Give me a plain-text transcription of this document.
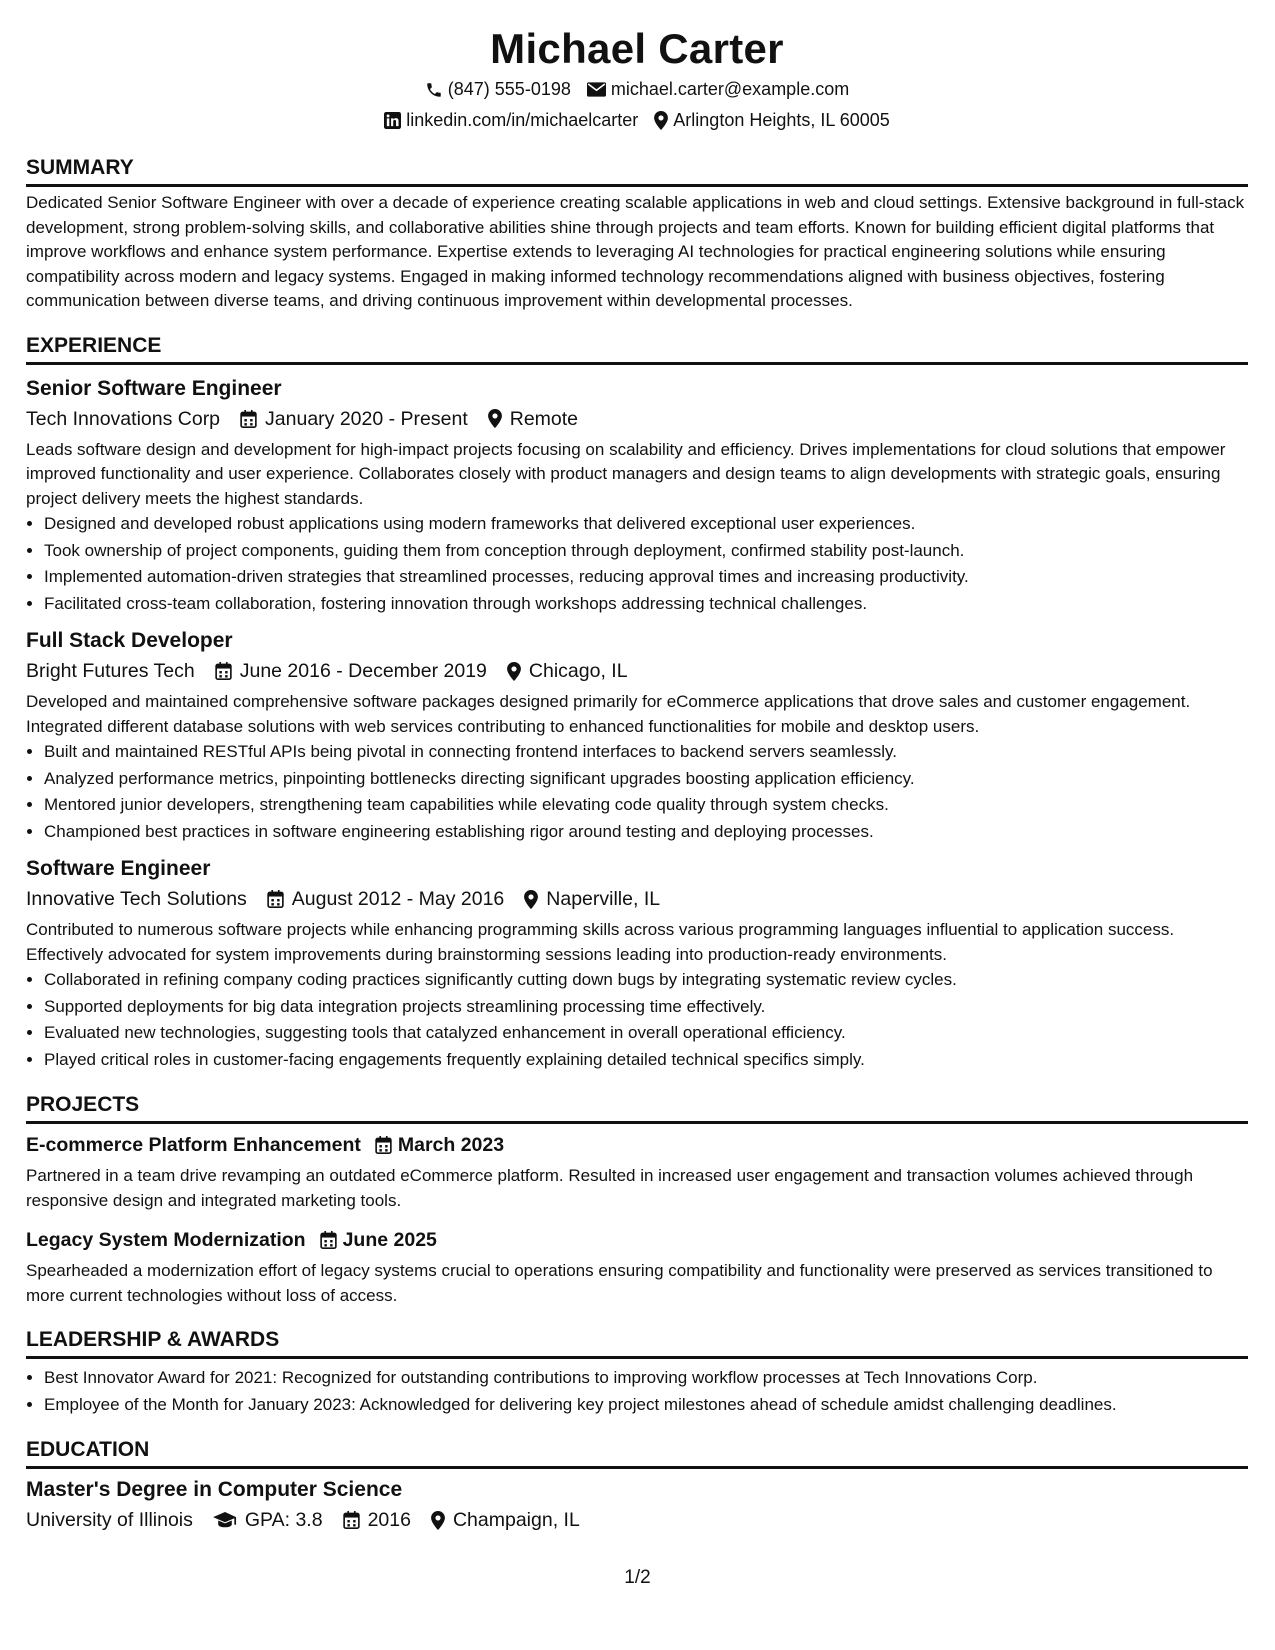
Michael Carter
(847) 555-0198 michael.carter@example.com
linkedin.com/in/michaelcarter Arlington Heights, IL 60005
SUMMARY

Dedicated Senior Software Engineer with over a decade of experience creating scalable applications in web and cloud settings. Extensive background in full-stack development, strong problem-solving skills, and collaborative abilities shine through projects and team efforts. Known for building efficient digital platforms that improve workflows and enhance system performance. Expertise extends to leveraging AI technologies for practical engineering solutions while ensuring compatibility across modern and legacy systems. Engaged in making informed technology recommendations aligned with business objectives, fostering communication between diverse teams, and driving continuous improvement within developmental processes.

EXPERIENCE
Senior Software Engineer
Tech Innovations Corp January 2020 - Present Remote

Leads software design and development for high-impact projects focusing on scalability and efficiency. Drives implementations for cloud solutions that empower improved functionality and user experience. Collaborates closely with product managers and design teams to align developments with strategic goals, ensuring project delivery meets the highest standards.

• Designed and developed robust applications using modern frameworks that delivered exceptional user experiences.
• Took ownership of project components, guiding them from conception through deployment, confirmed stability post-launch.
• Implemented automation-driven strategies that streamlined processes, reducing approval times and increasing productivity.
• Facilitated cross-team collaboration, fostering innovation through workshops addressing technical challenges.
Full Stack Developer
Bright Futures Tech June 2016 - December 2019 Chicago, IL

Developed and maintained comprehensive software packages designed primarily for eCommerce applications that drove sales and customer engagement. Integrated different database solutions with web services contributing to enhanced functionalities for mobile and desktop users.

• Built and maintained RESTful APIs being pivotal in connecting frontend interfaces to backend servers seamlessly.
• Analyzed performance metrics, pinpointing bottlenecks directing significant upgrades boosting application efficiency.
• Mentored junior developers, strengthening team capabilities while elevating code quality through system checks.
• Championed best practices in software engineering establishing rigor around testing and deploying processes.
Software Engineer
Innovative Tech Solutions August 2012 - May 2016 Naperville, IL

Contributed to numerous software projects while enhancing programming skills across various programming languages influential to application success. Effectively advocated for system improvements during brainstorming sessions leading into production-ready environments.

• Collaborated in refining company coding practices significantly cutting down bugs by integrating systematic review cycles.
• Supported deployments for big data integration projects streamlining processing time effectively.
• Evaluated new technologies, suggesting tools that catalyzed enhancement in overall operational efficiency.
• Played critical roles in customer-facing engagements frequently explaining detailed technical specifics simply.
PROJECTS
E-commerce Platform Enhancement March 2023

Partnered in a team drive revamping an outdated eCommerce platform. Resulted in increased user engagement and transaction volumes achieved through responsive design and integrated marketing tools.

Legacy System Modernization June 2025

Spearheaded a modernization effort of legacy systems crucial to operations ensuring compatibility and functionality were preserved as services transitioned to more current technologies without loss of access.

LEADERSHIP & AWARDS
• Best Innovator Award for 2021: Recognized for outstanding contributions to improving workflow processes at Tech Innovations Corp.
• Employee of the Month for January 2023: Acknowledged for delivering key project milestones ahead of schedule amidst challenging deadlines.
EDUCATION
Master's Degree in Computer Science
University of Illinois	GPA: 3.8 2016 Champaign, IL
1/2
